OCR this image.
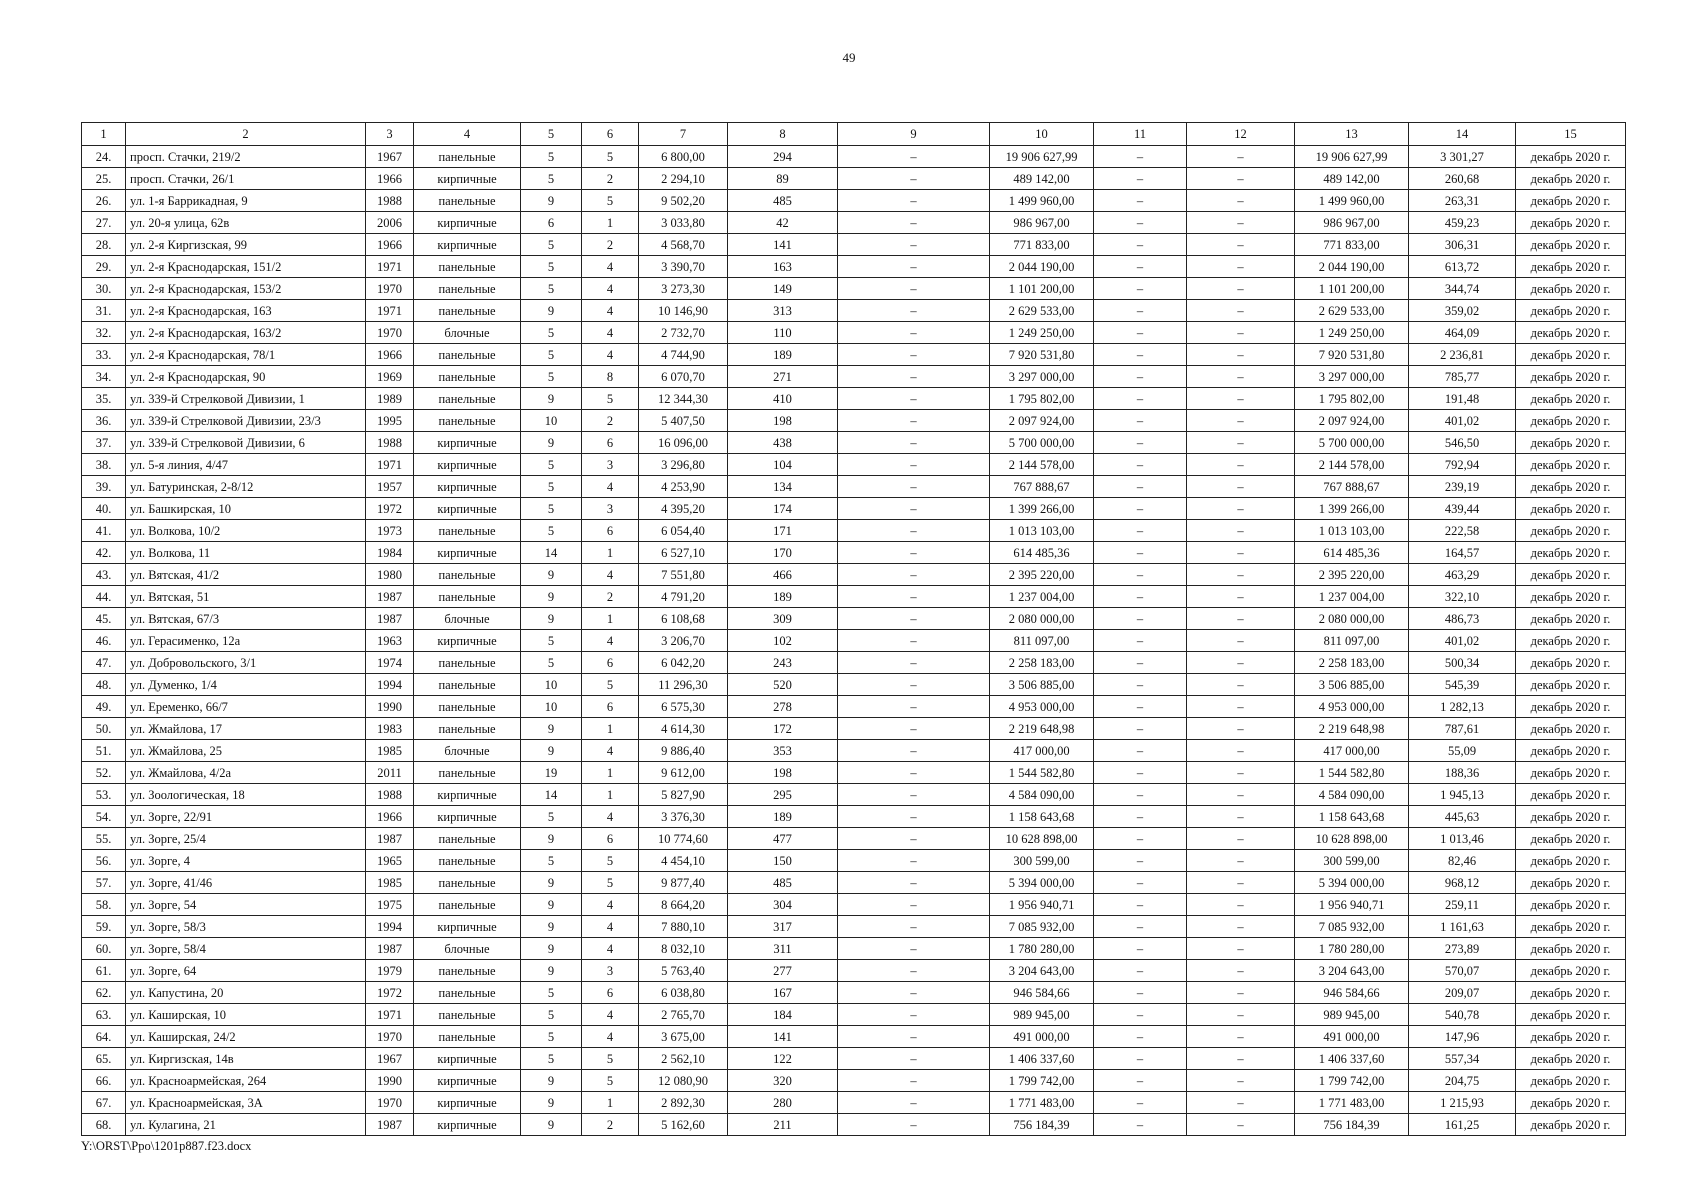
49
1	2	3	4	5	6	7	8	9	10	11	12	13	14	15
24.	просп. Стачки, 219/2	1967	панельные	5	5	6 800,00	294	–	19 906 627,99	–	–	19 906 627,99	3 301,27	декабрь 2020 г.
25.	просп. Стачки, 26/1	1966	кирпичные	5	2	2 294,10	89	–	489 142,00	–	–	489 142,00	260,68	декабрь 2020 г.
26.	ул. 1-я Баррикадная, 9	1988	панельные	9	5	9 502,20	485	–	1 499 960,00	–	–	1 499 960,00	263,31	декабрь 2020 г.
27.	ул. 20-я улица, 62в	2006	кирпичные	6	1	3 033,80	42	–	986 967,00	–	–	986 967,00	459,23	декабрь 2020 г.
28.	ул. 2-я Киргизская, 99	1966	кирпичные	5	2	4 568,70	141	–	771 833,00	–	–	771 833,00	306,31	декабрь 2020 г.
29.	ул. 2-я Краснодарская, 151/2	1971	панельные	5	4	3 390,70	163	–	2 044 190,00	–	–	2 044 190,00	613,72	декабрь 2020 г.
30.	ул. 2-я Краснодарская, 153/2	1970	панельные	5	4	3 273,30	149	–	1 101 200,00	–	–	1 101 200,00	344,74	декабрь 2020 г.
31.	ул. 2-я Краснодарская, 163	1971	панельные	9	4	10 146,90	313	–	2 629 533,00	–	–	2 629 533,00	359,02	декабрь 2020 г.
32.	ул. 2-я Краснодарская, 163/2	1970	блочные	5	4	2 732,70	110	–	1 249 250,00	–	–	1 249 250,00	464,09	декабрь 2020 г.
33.	ул. 2-я Краснодарская, 78/1	1966	панельные	5	4	4 744,90	189	–	7 920 531,80	–	–	7 920 531,80	2 236,81	декабрь 2020 г.
34.	ул. 2-я Краснодарская, 90	1969	панельные	5	8	6 070,70	271	–	3 297 000,00	–	–	3 297 000,00	785,77	декабрь 2020 г.
35.	ул. 339-й Стрелковой Дивизии, 1	1989	панельные	9	5	12 344,30	410	–	1 795 802,00	–	–	1 795 802,00	191,48	декабрь 2020 г.
36.	ул. 339-й Стрелковой Дивизии, 23/3	1995	панельные	10	2	5 407,50	198	–	2 097 924,00	–	–	2 097 924,00	401,02	декабрь 2020 г.
37.	ул. 339-й Стрелковой Дивизии, 6	1988	кирпичные	9	6	16 096,00	438	–	5 700 000,00	–	–	5 700 000,00	546,50	декабрь 2020 г.
38.	ул. 5-я линия, 4/47	1971	кирпичные	5	3	3 296,80	104	–	2 144 578,00	–	–	2 144 578,00	792,94	декабрь 2020 г.
39.	ул. Батуринская, 2-8/12	1957	кирпичные	5	4	4 253,90	134	–	767 888,67	–	–	767 888,67	239,19	декабрь 2020 г.
40.	ул. Башкирская, 10	1972	кирпичные	5	3	4 395,20	174	–	1 399 266,00	–	–	1 399 266,00	439,44	декабрь 2020 г.
41.	ул. Волкова, 10/2	1973	панельные	5	6	6 054,40	171	–	1 013 103,00	–	–	1 013 103,00	222,58	декабрь 2020 г.
42.	ул. Волкова, 11	1984	кирпичные	14	1	6 527,10	170	–	614 485,36	–	–	614 485,36	164,57	декабрь 2020 г.
43.	ул. Вятская, 41/2	1980	панельные	9	4	7 551,80	466	–	2 395 220,00	–	–	2 395 220,00	463,29	декабрь 2020 г.
44.	ул. Вятская, 51	1987	панельные	9	2	4 791,20	189	–	1 237 004,00	–	–	1 237 004,00	322,10	декабрь 2020 г.
45.	ул. Вятская, 67/3	1987	блочные	9	1	6 108,68	309	–	2 080 000,00	–	–	2 080 000,00	486,73	декабрь 2020 г.
46.	ул. Герасименко, 12а	1963	кирпичные	5	4	3 206,70	102	–	811 097,00	–	–	811 097,00	401,02	декабрь 2020 г.
47.	ул. Добровольского, 3/1	1974	панельные	5	6	6 042,20	243	–	2 258 183,00	–	–	2 258 183,00	500,34	декабрь 2020 г.
48.	ул. Думенко, 1/4	1994	панельные	10	5	11 296,30	520	–	3 506 885,00	–	–	3 506 885,00	545,39	декабрь 2020 г.
49.	ул. Еременко, 66/7	1990	панельные	10	6	6 575,30	278	–	4 953 000,00	–	–	4 953 000,00	1 282,13	декабрь 2020 г.
50.	ул. Жмайлова, 17	1983	панельные	9	1	4 614,30	172	–	2 219 648,98	–	–	2 219 648,98	787,61	декабрь 2020 г.
51.	ул. Жмайлова, 25	1985	блочные	9	4	9 886,40	353	–	417 000,00	–	–	417 000,00	55,09	декабрь 2020 г.
52.	ул. Жмайлова, 4/2а	2011	панельные	19	1	9 612,00	198	–	1 544 582,80	–	–	1 544 582,80	188,36	декабрь 2020 г.
53.	ул. Зоологическая, 18	1988	кирпичные	14	1	5 827,90	295	–	4 584 090,00	–	–	4 584 090,00	1 945,13	декабрь 2020 г.
54.	ул. Зорге, 22/91	1966	кирпичные	5	4	3 376,30	189	–	1 158 643,68	–	–	1 158 643,68	445,63	декабрь 2020 г.
55.	ул. Зорге, 25/4	1987	панельные	9	6	10 774,60	477	–	10 628 898,00	–	–	10 628 898,00	1 013,46	декабрь 2020 г.
56.	ул. Зорге, 4	1965	панельные	5	5	4 454,10	150	–	300 599,00	–	–	300 599,00	82,46	декабрь 2020 г.
57.	ул. Зорге, 41/46	1985	панельные	9	5	9 877,40	485	–	5 394 000,00	–	–	5 394 000,00	968,12	декабрь 2020 г.
58.	ул. Зорге, 54	1975	панельные	9	4	8 664,20	304	–	1 956 940,71	–	–	1 956 940,71	259,11	декабрь 2020 г.
59.	ул. Зорге, 58/3	1994	кирпичные	9	4	7 880,10	317	–	7 085 932,00	–	–	7 085 932,00	1 161,63	декабрь 2020 г.
60.	ул. Зорге, 58/4	1987	блочные	9	4	8 032,10	311	–	1 780 280,00	–	–	1 780 280,00	273,89	декабрь 2020 г.
61.	ул. Зорге, 64	1979	панельные	9	3	5 763,40	277	–	3 204 643,00	–	–	3 204 643,00	570,07	декабрь 2020 г.
62.	ул. Капустина, 20	1972	панельные	5	6	6 038,80	167	–	946 584,66	–	–	946 584,66	209,07	декабрь 2020 г.
63.	ул. Каширская, 10	1971	панельные	5	4	2 765,70	184	–	989 945,00	–	–	989 945,00	540,78	декабрь 2020 г.
64.	ул. Каширская, 24/2	1970	панельные	5	4	3 675,00	141	–	491 000,00	–	–	491 000,00	147,96	декабрь 2020 г.
65.	ул. Киргизская, 14в	1967	кирпичные	5	5	2 562,10	122	–	1 406 337,60	–	–	1 406 337,60	557,34	декабрь 2020 г.
66.	ул. Красноармейская, 264	1990	кирпичные	9	5	12 080,90	320	–	1 799 742,00	–	–	1 799 742,00	204,75	декабрь 2020 г.
67.	ул. Красноармейская, 3А	1970	кирпичные	9	1	2 892,30	280	–	1 771 483,00	–	–	1 771 483,00	1 215,93	декабрь 2020 г.
68.	ул. Кулагина, 21	1987	кирпичные	9	2	5 162,60	211	–	756 184,39	–	–	756 184,39	161,25	декабрь 2020 г.
Y:\ORST\Ppo\1201p887.f23.docx
